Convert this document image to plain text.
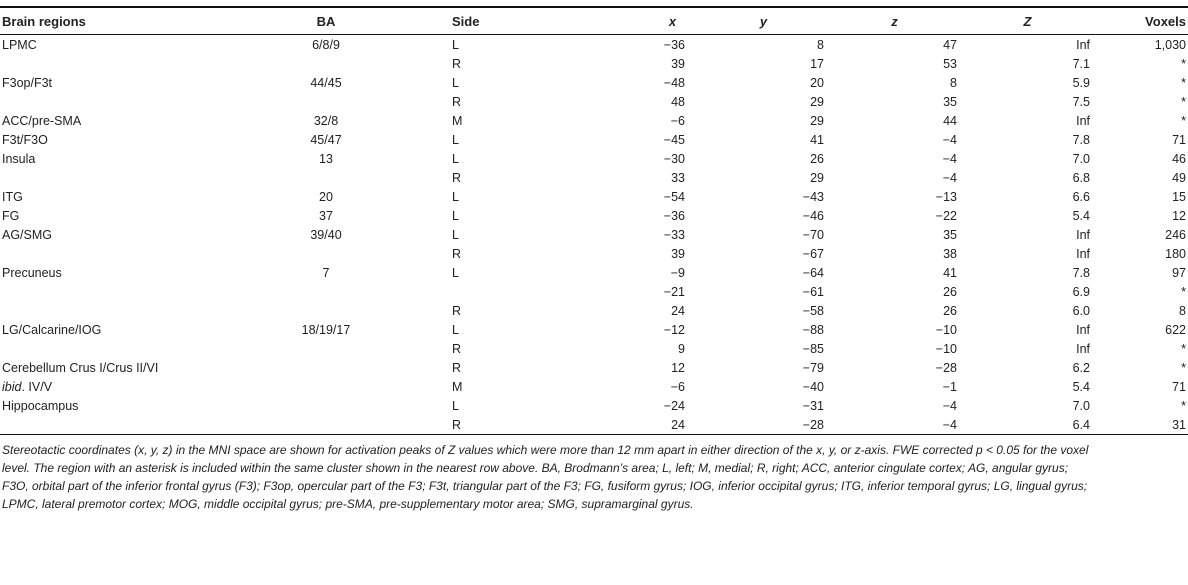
Brain regions	BA	Side	x	y	z	Z	Voxels
LPMC	6/8/9	L	−36	8	47	Inf	1,030
		R	39	17	53	7.1	*
F3op/F3t	44/45	L	−48	20	8	5.9	*
		R	48	29	35	7.5	*
ACC/pre-SMA	32/8	M	−6	29	44	Inf	*
F3t/F3O	45/47	L	−45	41	−4	7.8	71
Insula	13	L	−30	26	−4	7.0	46
		R	33	29	−4	6.8	49
ITG	20	L	−54	−43	−13	6.6	15
FG	37	L	−36	−46	−22	5.4	12
AG/SMG	39/40	L	−33	−70	35	Inf	246
		R	39	−67	38	Inf	180
Precuneus	7	L	−9	−64	41	7.8	97
			−21	−61	26	6.9	*
		R	24	−58	26	6.0	8
LG/Calcarine/IOG	18/19/17	L	−12	−88	−10	Inf	622
		R	9	−85	−10	Inf	*
Cerebellum Crus I/Crus II/VI		R	12	−79	−28	6.2	*
ibid. IV/V		M	−6	−40	−1	5.4	71
Hippocampus		L	−24	−31	−4	7.0	*
		R	24	−28	−4	6.4	31

Stereotactic coordinates (x, y, z) in the MNI space are shown for activation peaks of Z values which were more than 12 mm apart in either direction of the x, y, or z-axis. FWE corrected p < 0.05 for the voxel level. The region with an asterisk is included within the same cluster shown in the nearest row above. BA, Brodmann’s area; L, left; M, medial; R, right; ACC, anterior cingulate cortex; AG, angular gyrus; F3O, orbital part of the inferior frontal gyrus (F3); F3op, opercular part of the F3; F3t, triangular part of the F3; FG, fusiform gyrus; IOG, inferior occipital gyrus; ITG, inferior temporal gyrus; LG, lingual gyrus; LPMC, lateral premotor cortex; MOG, middle occipital gyrus; pre-SMA, pre-supplementary motor area; SMG, supramarginal gyrus.
